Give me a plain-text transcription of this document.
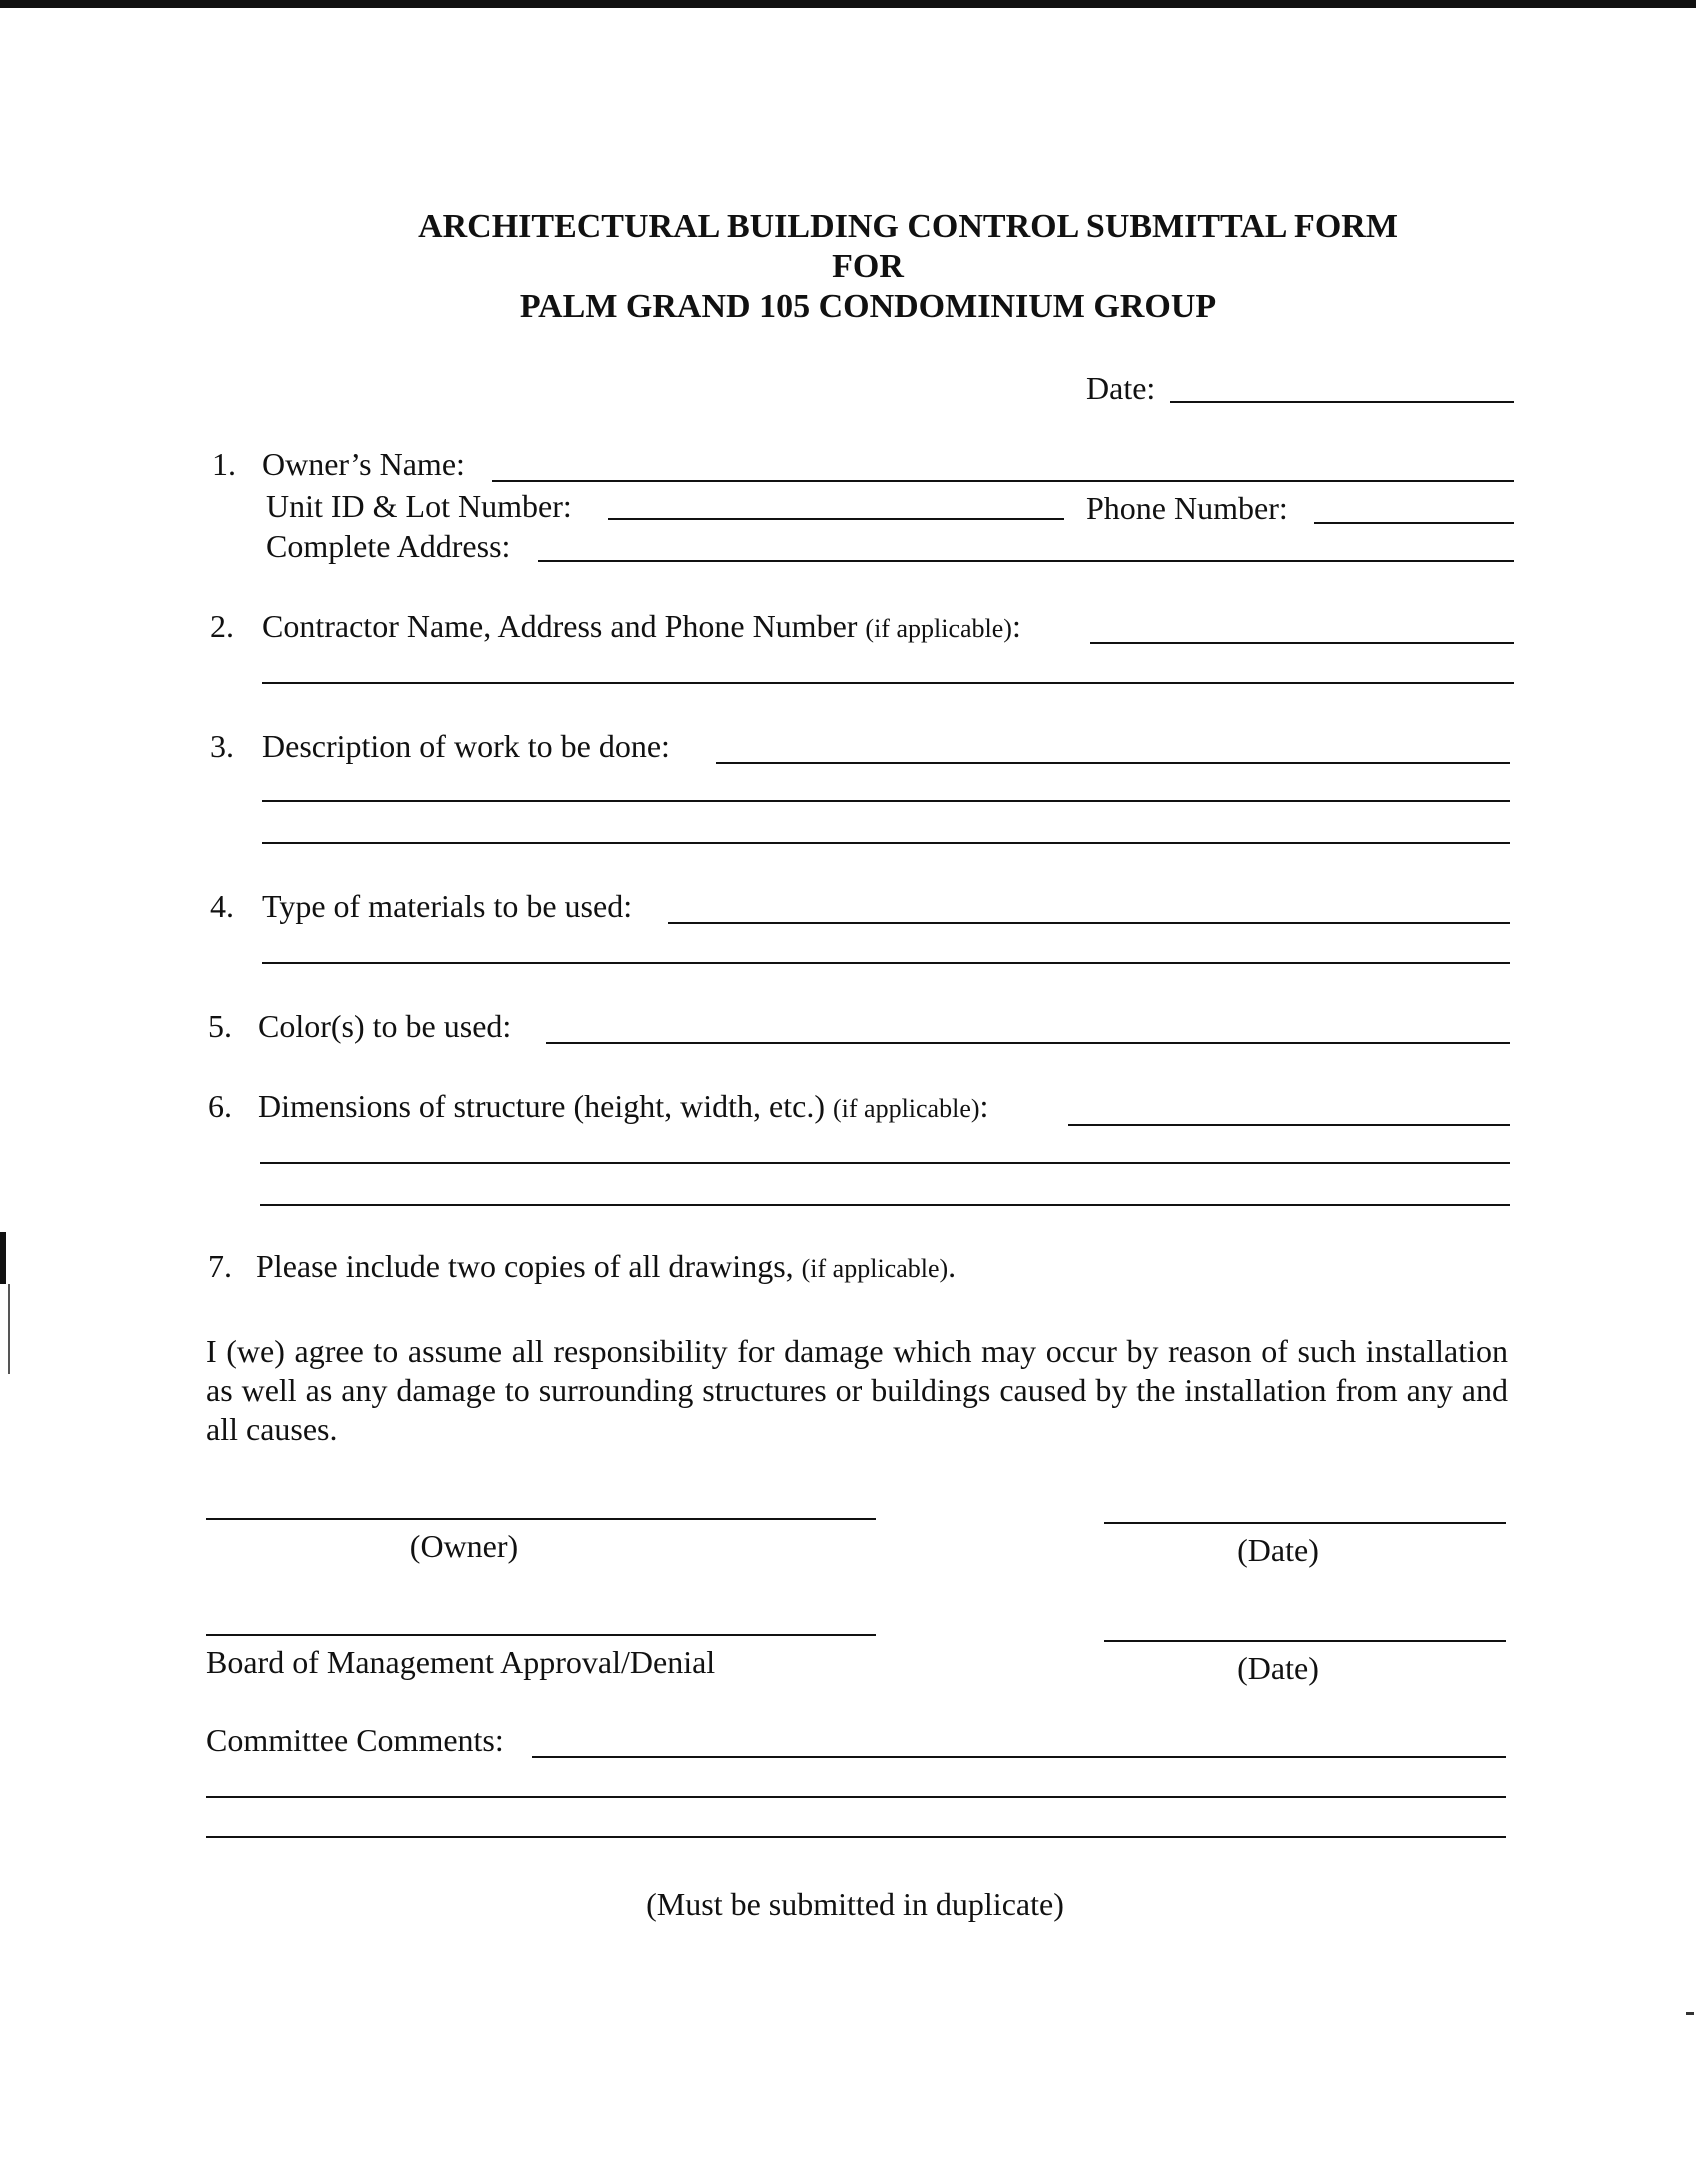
ARCHITECTURAL BUILDING CONTROL SUBMITTAL FORM
FOR
PALM GRAND 105 CONDOMINIUM GROUP
Date:
1. Owner’s Name:
Unit ID & Lot Number:	Phone Number:
Complete Address:
2. Contractor Name, Address and Phone Number (if applicable):
3. Description of work to be done:
4. Type of materials to be used:
5. Color(s) to be used:
6. Dimensions of structure (height, width, etc.) (if applicable):
7. Please include two copies of all drawings, (if applicable).
I (we) agree to assume all responsibility for damage which may occur by reason of such installation as well as any damage to surrounding structures or buildings caused by the installation from any and all causes.
(Owner)	(Date)
Board of Management Approval/Denial	(Date)
Committee Comments:
(Must be submitted in duplicate)
